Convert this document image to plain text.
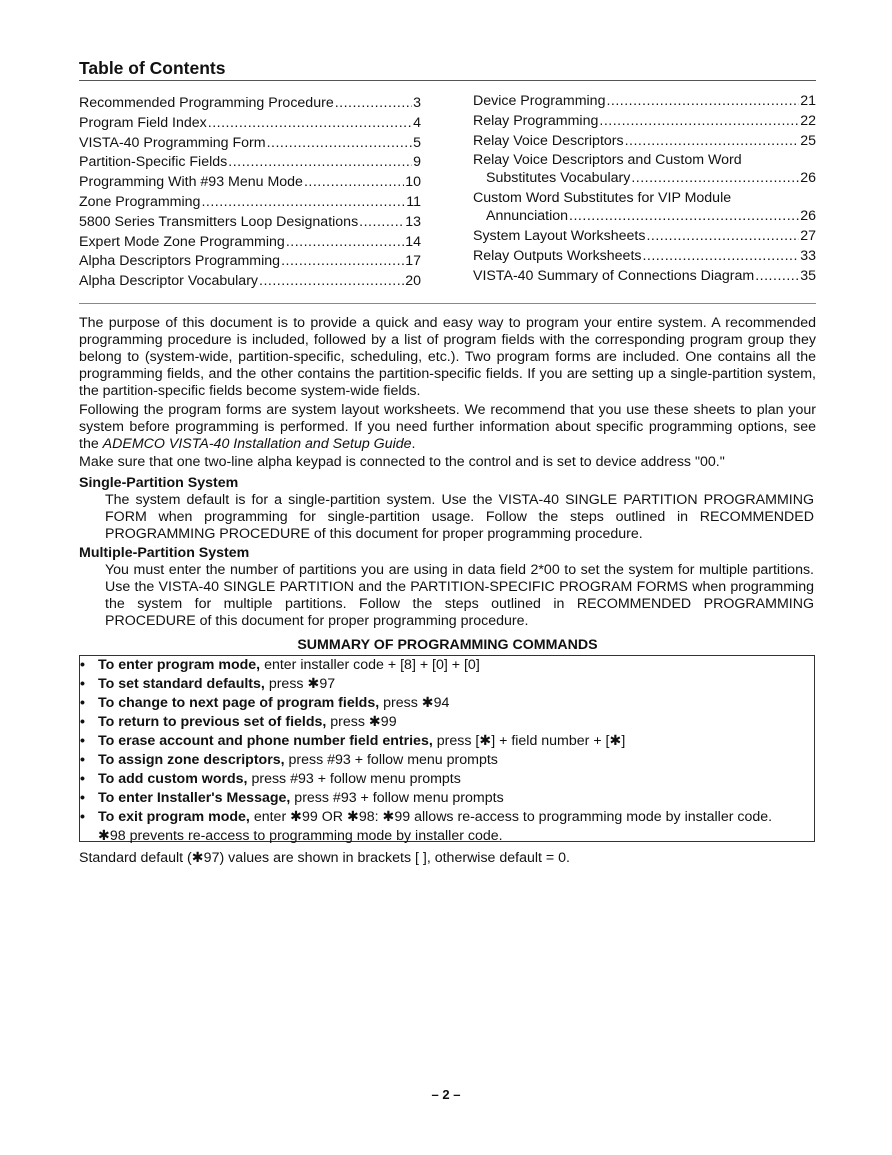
Table of Contents
Recommended Programming Procedure .....	3
Program Field Index .....	4
VISTA-40 Programming Form .....	5
Partition-Specific Fields .....	9
Programming With #93 Menu Mode .....	10
Zone Programming .....	11
5800 Series Transmitters Loop Designations .....	13
Expert Mode Zone Programming .....	14
Alpha Descriptors Programming .....	17
Alpha Descriptor Vocabulary .....	20
Device Programming .....	21
Relay Programming .....	22
Relay Voice Descriptors .....	25
Relay Voice Descriptors and Custom Word
Substitutes Vocabulary .....	26
Custom Word Substitutes for VIP Module
Annunciation .....	26
System Layout Worksheets .....	27
Relay Outputs Worksheets .....	33
VISTA-40 Summary of Connections Diagram .....	35
The purpose of this document is to provide a quick and easy way to program your entire system. A recommended programming procedure is included, followed by a list of program fields with the corresponding program group they belong to (system-wide, partition-specific, scheduling, etc.). Two program forms are included. One contains all the programming fields, and the other contains the partition-specific fields. If you are setting up a single-partition system, the partition-specific fields become system-wide fields.
Following the program forms are system layout worksheets. We recommend that you use these sheets to plan your system before programming is performed. If you need further information about specific programming options, see the ADEMCO VISTA-40 Installation and Setup Guide.
Make sure that one two-line alpha keypad is connected to the control and is set to device address "00."
Single-Partition System
The system default is for a single-partition system. Use the VISTA-40 SINGLE PARTITION PROGRAMMING FORM when programming for single-partition usage. Follow the steps outlined in RECOMMENDED PROGRAMMING PROCEDURE of this document for proper programming procedure.
Multiple-Partition System
You must enter the number of partitions you are using in data field 2*00 to set the system for multiple partitions. Use the VISTA-40 SINGLE PARTITION and the PARTITION-SPECIFIC PROGRAM FORMS when programming the system for multiple partitions. Follow the steps outlined in RECOMMENDED PROGRAMMING PROCEDURE of this document for proper programming procedure.
SUMMARY OF PROGRAMMING COMMANDS
• To enter program mode, enter installer code + [8] + [0] + [0]
• To set standard defaults, press ✱97
• To change to next page of program fields, press ✱94
• To return to previous set of fields, press ✱99
• To erase account and phone number field entries, press [✱] + field number + [✱]
• To assign zone descriptors, press #93 + follow menu prompts
• To add custom words, press #93 + follow menu prompts
• To enter Installer's Message, press #93 + follow menu prompts
• To exit program mode, enter ✱99 OR ✱98: ✱99 allows re-access to programming mode by installer code.
✱98 prevents re-access to programming mode by installer code.
Standard default (✱97) values are shown in brackets [ ], otherwise default = 0.
– 2 –
